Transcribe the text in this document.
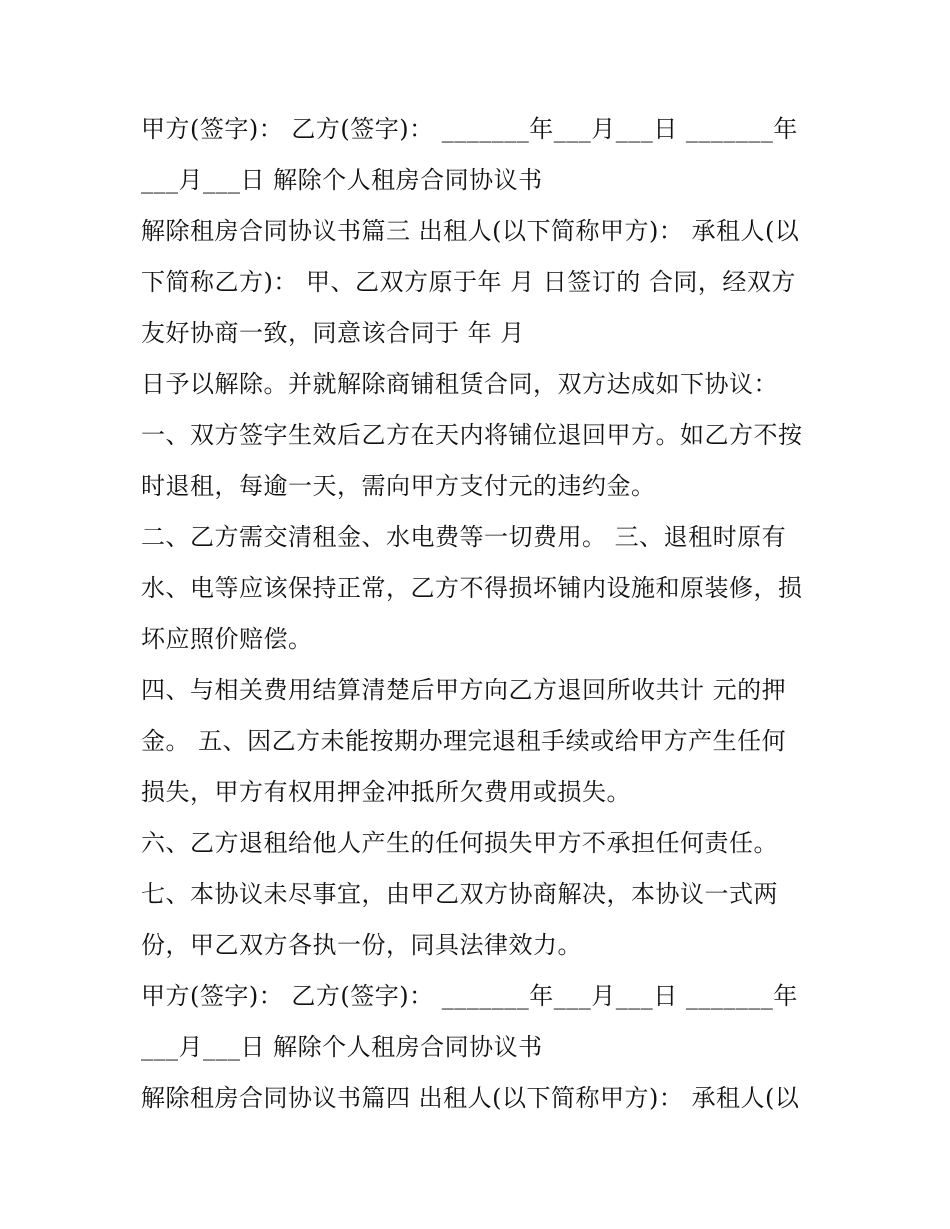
甲方(签字)： 乙方(签字)： _______年___月___日 _______年
___月___日 解除个人租房合同协议书
解除租房合同协议书篇三 出租人(以下简称甲方)： 承租人(以
下简称乙方)： 甲、乙双方原于年 月 日签订的 合同，经双方
友好协商一致，同意该合同于 年 月
日予以解除。并就解除商铺租赁合同，双方达成如下协议：
一、双方签字生效后乙方在天内将铺位退回甲方。如乙方不按
时退租，每逾一天，需向甲方支付元的违约金。
二、乙方需交清租金、水电费等一切费用。 三、退租时原有
水、电等应该保持正常，乙方不得损坏铺内设施和原装修，损
坏应照价赔偿。
四、与相关费用结算清楚后甲方向乙方退回所收共计 元的押
金。 五、因乙方未能按期办理完退租手续或给甲方产生任何
损失，甲方有权用押金冲抵所欠费用或损失。
六、乙方退租给他人产生的任何损失甲方不承担任何责任。
七、本协议未尽事宜，由甲乙双方协商解决，本协议一式两
份，甲乙双方各执一份，同具法律效力。
甲方(签字)： 乙方(签字)： _______年___月___日 _______年
___月___日 解除个人租房合同协议书
解除租房合同协议书篇四 出租人(以下简称甲方)： 承租人(以
